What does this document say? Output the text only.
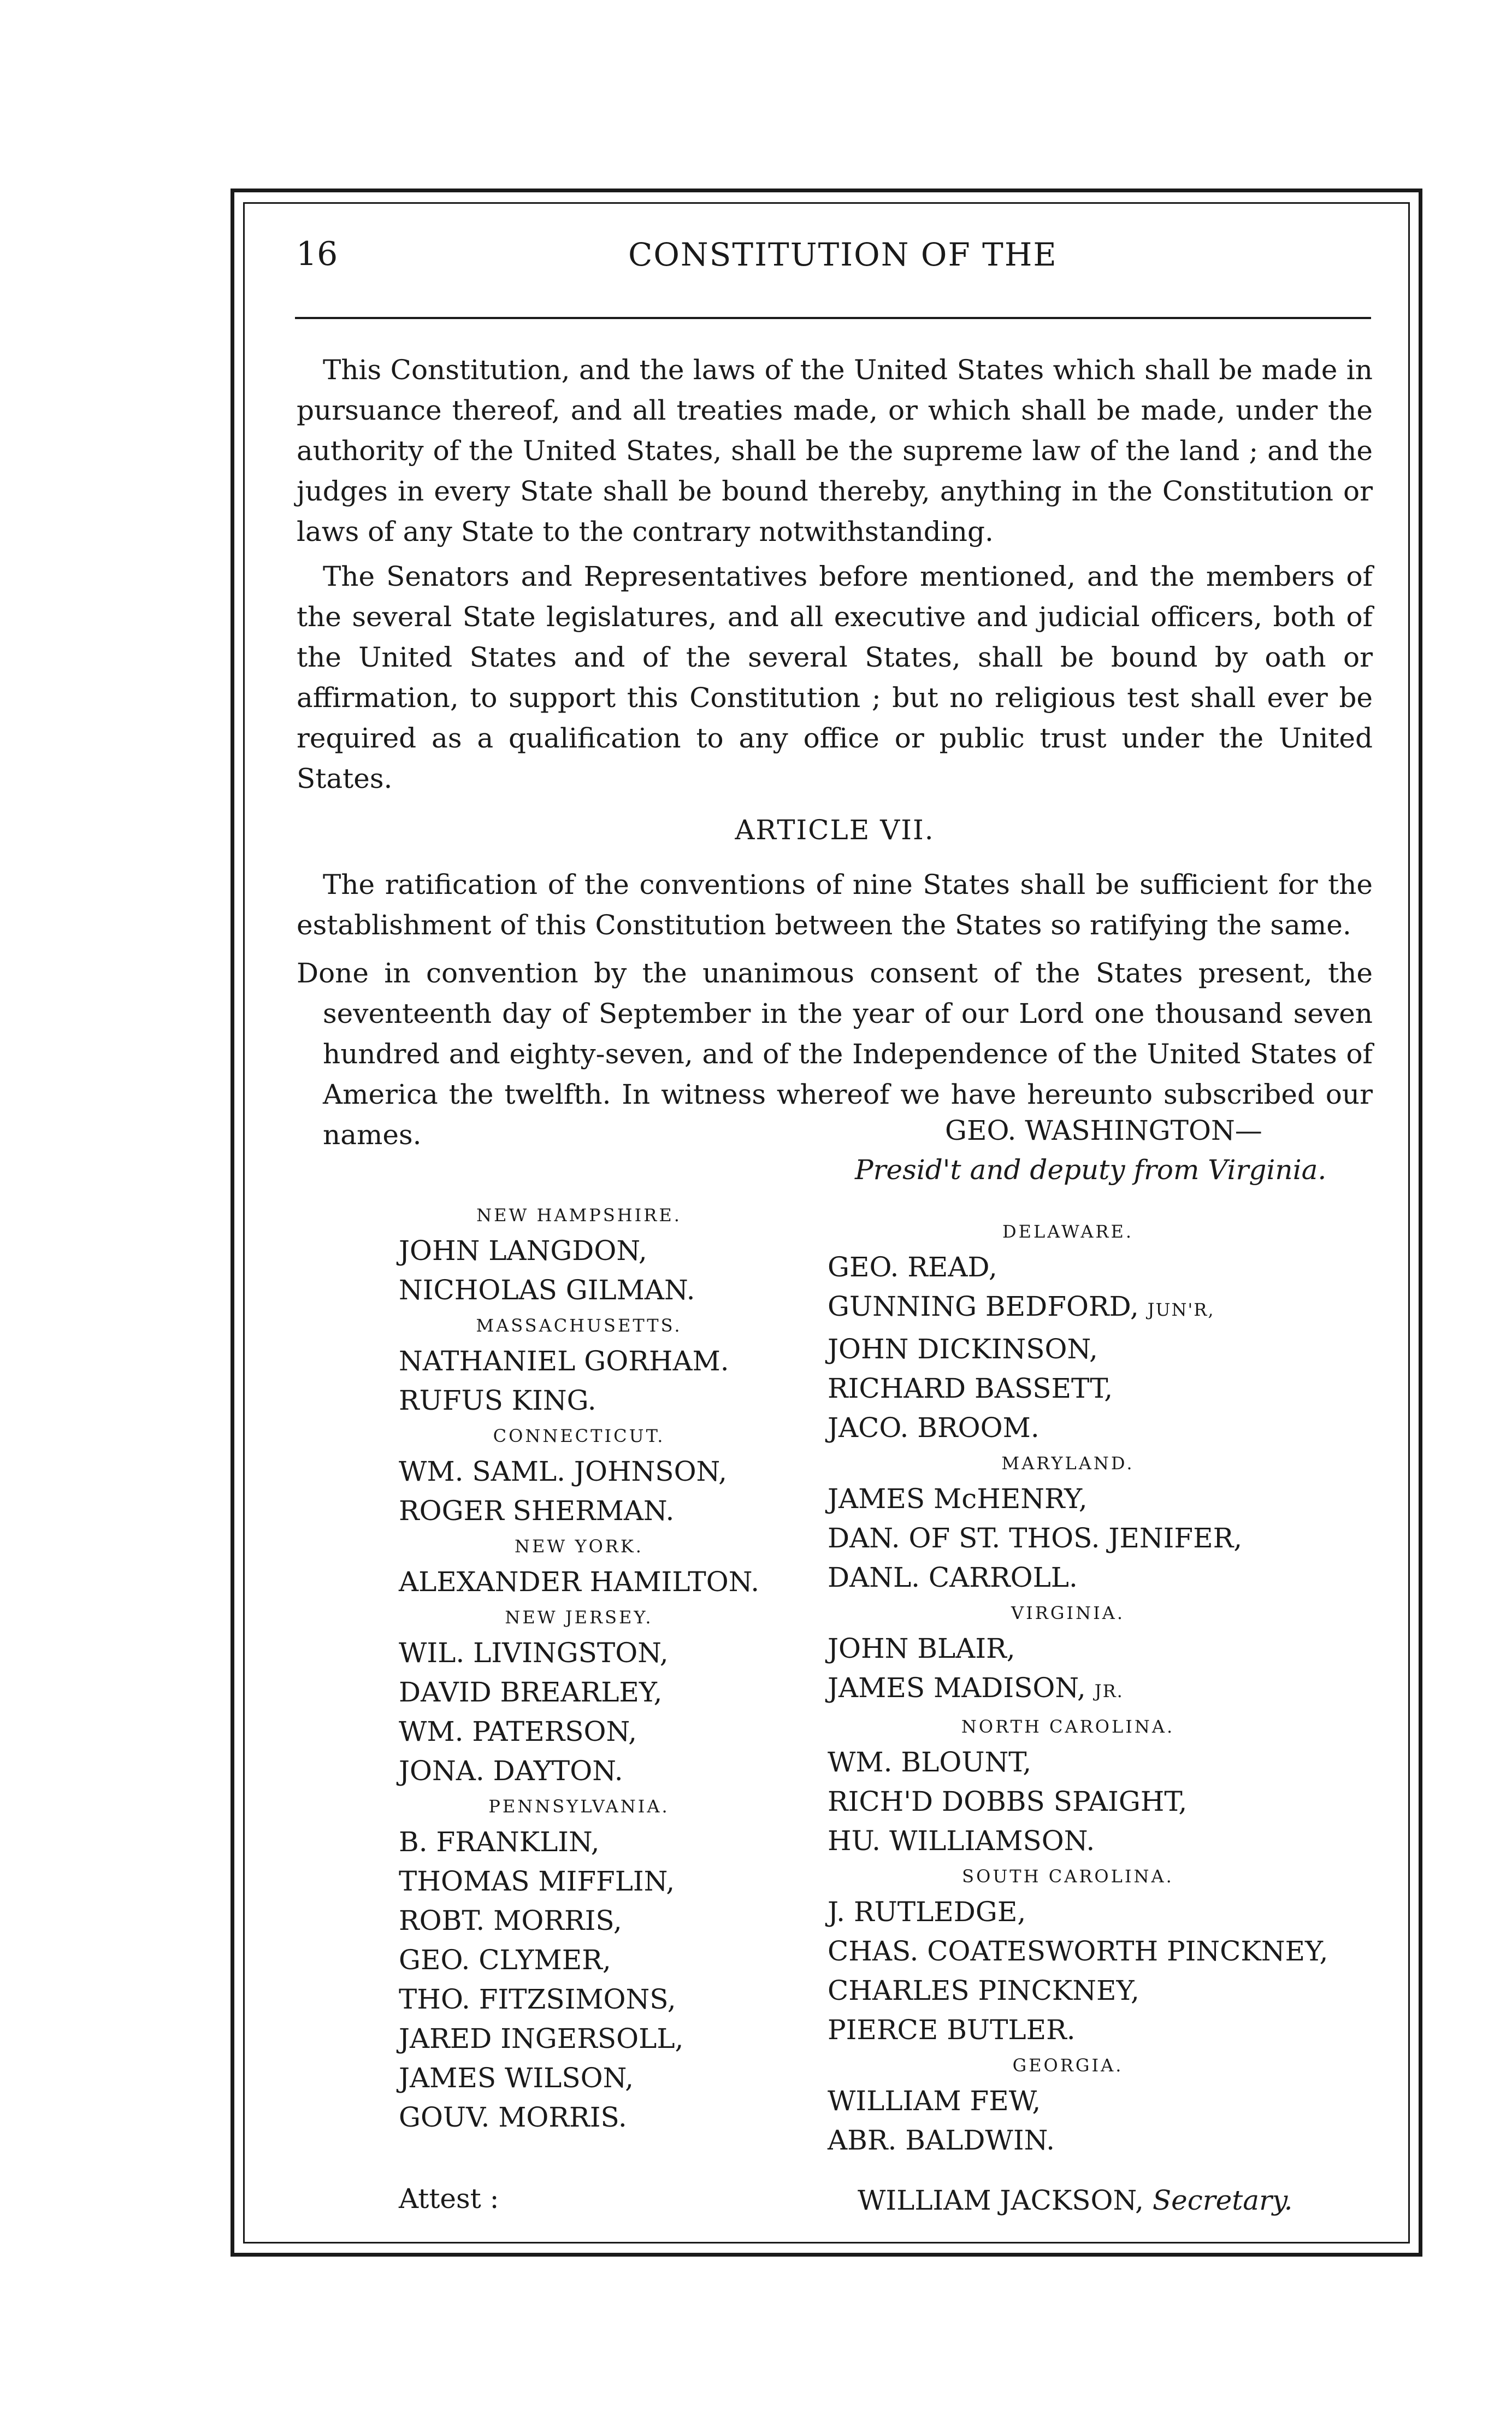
16	CONSTITUTION OF THE

This Constitution, and the laws of the United States which shall be made in pursuance thereof, and all treaties made, or which shall be made, under the authority of the United States, shall be the supreme law of the land ; and the judges in every State shall be bound thereby, anything in the Constitution or laws of any State to the contrary notwithstanding.

The Senators and Representatives before mentioned, and the members of the several State legislatures, and all executive and judicial officers, both of the United States and of the several States, shall be bound by oath or affirmation, to support this Constitution ; but no religious test shall ever be required as a qualification to any office or public trust under the United States.

ARTICLE VII.

The ratification of the conventions of nine States shall be sufficient for the establishment of this Constitution between the States so ratifying the same.

Done in convention by the unanimous consent of the States present, the seventeenth day of September in the year of our Lord one thousand seven hundred and eighty-seven, and of the Independence of the United States of America the twelfth. In witness whereof we have hereunto subscribed our names.	GEO. WASHINGTON—
Presid't and deputy from Virginia.
NEW HAMPSHIRE.
JOHN LANGDON,
NICHOLAS GILMAN.
MASSACHUSETTS.
NATHANIEL GORHAM.
RUFUS KING.
CONNECTICUT.
WM. SAML. JOHNSON,
ROGER SHERMAN.
NEW YORK.
ALEXANDER HAMILTON.
NEW JERSEY.
WIL. LIVINGSTON,
DAVID BREARLEY,
WM. PATERSON,
JONA. DAYTON.
PENNSYLVANIA.
B. FRANKLIN,
THOMAS MIFFLIN,
ROBT. MORRIS,
GEO. CLYMER,
THO. FITZSIMONS,
JARED INGERSOLL,
JAMES WILSON,
GOUV. MORRIS.
DELAWARE.
GEO. READ,
GUNNING BEDFORD, JUN'R,
JOHN DICKINSON,
RICHARD BASSETT,
JACO. BROOM.
MARYLAND.
JAMES McHENRY,
DAN. OF ST. THOS. JENIFER,
DANL. CARROLL.
VIRGINIA.
JOHN BLAIR,
JAMES MADISON, JR.
NORTH CAROLINA.
WM. BLOUNT,
RICH'D DOBBS SPAIGHT,
HU. WILLIAMSON.
SOUTH CAROLINA.
J. RUTLEDGE,
CHAS. COATESWORTH PINCKNEY,
CHARLES PINCKNEY,
PIERCE BUTLER.
GEORGIA.
WILLIAM FEW,
ABR. BALDWIN.
Attest :	WILLIAM JACKSON, Secretary.
